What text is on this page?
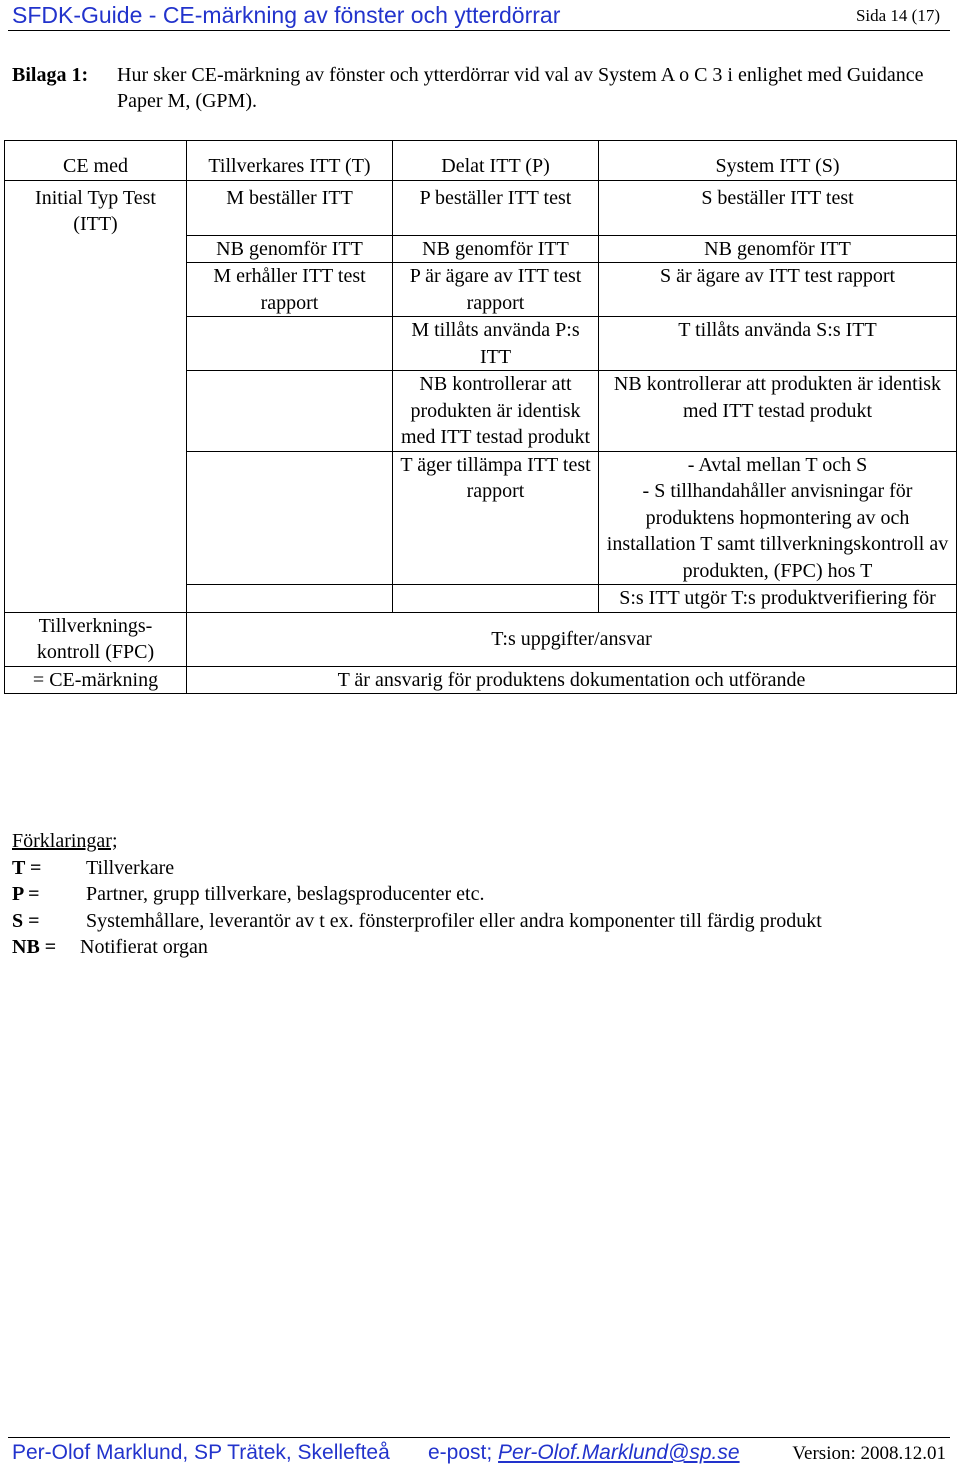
SFDK-Guide - CE-märkning av fönster och ytterdörrar	Sida 14 (17)
Bilaga 1: Hur sker CE-märkning av fönster och ytterdörrar vid val av System A o C 3 i enlighet med Guidance Paper M, (GPM).
CE med	Tillverkares ITT (T)	Delat ITT (P)	System ITT (S)
Initial Typ Test (ITT)	M beställer ITT	P beställer ITT test	S beställer ITT test
	NB genomför ITT	NB genomför ITT	NB genomför ITT
	M erhåller ITT test rapport	P är ägare av ITT test rapport	S är ägare av ITT test rapport
		M tillåts använda P:s ITT	T tillåts använda S:s ITT
		NB kontrollerar att produkten är identisk med ITT testad produkt	NB kontrollerar att produkten är identisk med ITT testad produkt
		T äger tillämpa ITT test rapport	- Avtal mellan T och S
- S tillhandahåller anvisningar för produktens hopmontering av och installation T samt tillverkningskontroll av produkten, (FPC) hos T

			S:s ITT utgör T:s produktverifiering för
Tillverknings-kontroll (FPC)	T:s uppgifter/ansvar		
= CE-märkning	T är ansvarig för produktens dokumentation och utförande		
Förklaringar;
T = Tillverkare
P = Partner, grupp tillverkare, beslagsproducenter etc.
S = Systemhållare, leverantör av t ex. fönsterprofiler eller andra komponenter till färdig produkt
NB = Notifierat organ
Per-Olof Marklund, SP Trätek, Skellefteå e-post; Per-Olof.Marklund@sp.se	Version: 2008.12.01
